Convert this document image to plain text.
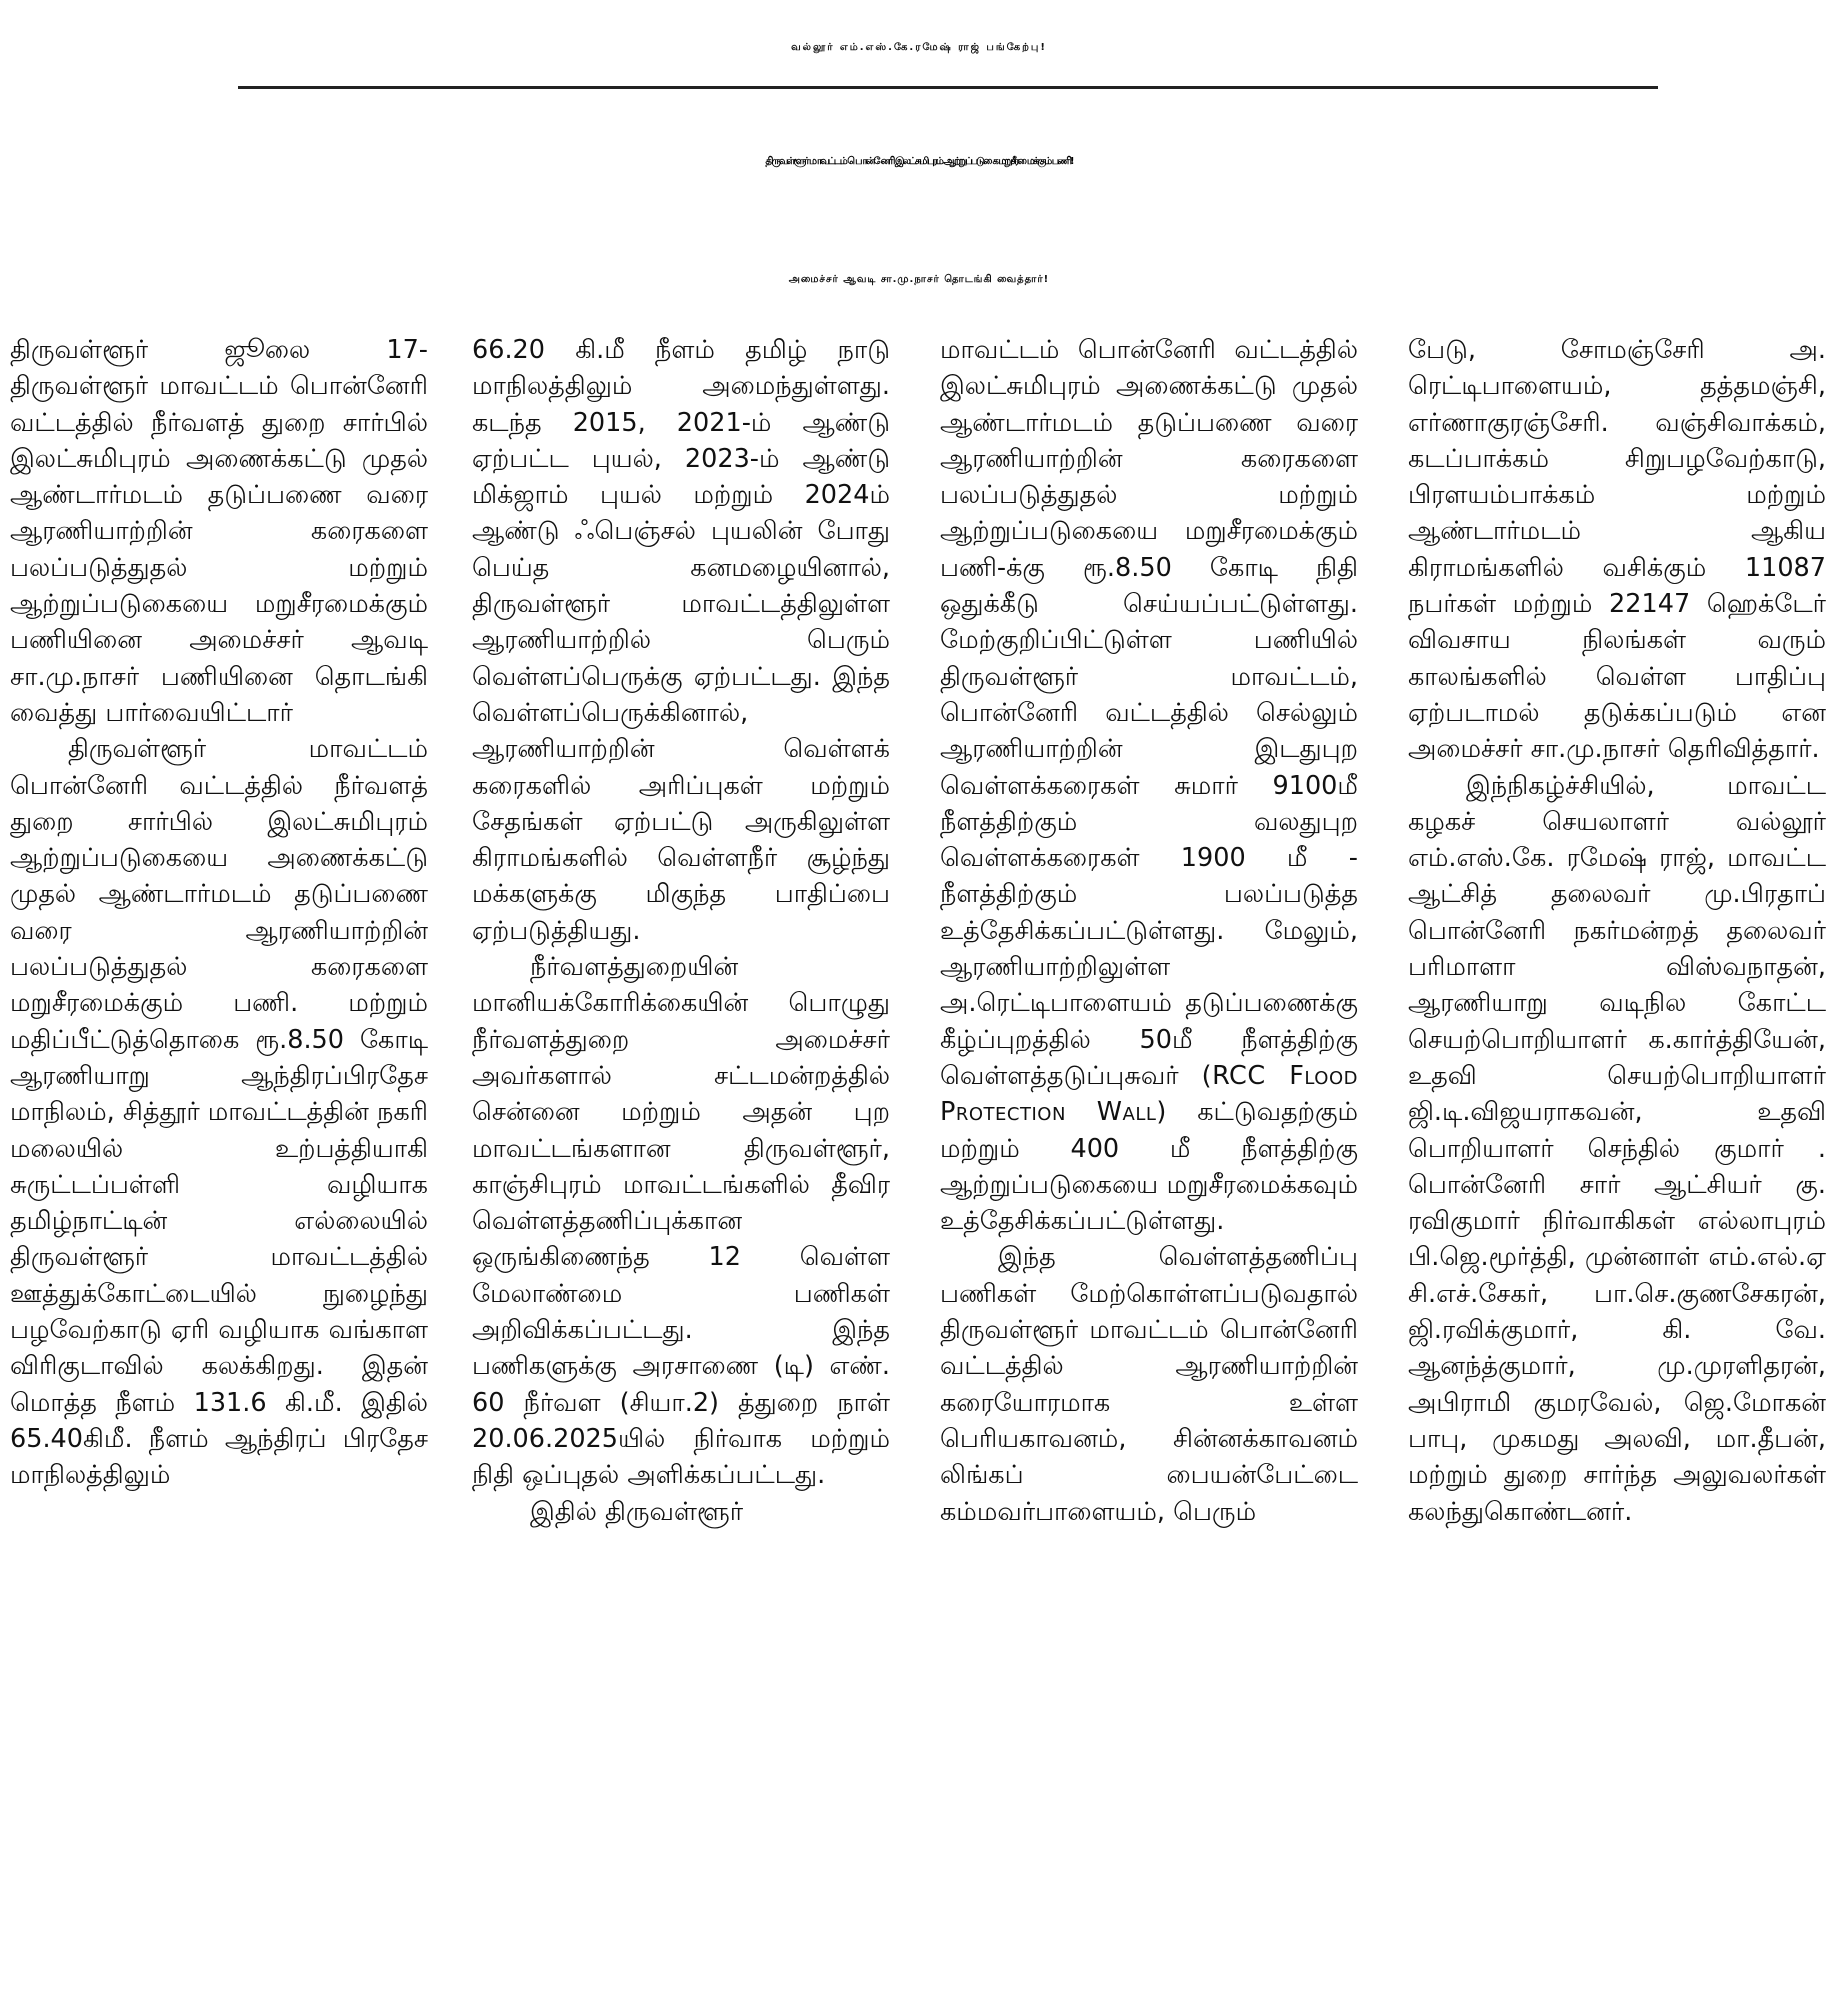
வல்லூர் எம்.எஸ்.கே.ரமேஷ் ராஜ் பங்கேற்பு!
திருவள்ளூர் மாவட்டம் பொன்னேரி இலட்சுமிபுரம் ஆற்றுப்படுகை மறுசீரமைக்கும் பணி!
அமைச்சர் ஆவடி சா.மு.நாசர் தொடங்கி வைத்தார்!

திருவள்ளூர் ஜூலை 17- திருவள்ளூர் மாவட்டம் பொன்னேரி வட்டத்தில் நீர்வளத் துறை சார்பில் இலட்சுமிபுரம் அணைக்கட்டு முதல் ஆண்டார்மடம் தடுப்பணை வரை ஆரணியாற்றின் கரைகளை பலப்படுத்துதல் மற்றும் ஆற்றுப்படுகையை மறுசீரமைக்கும் பணியினை அமைச்சர் ஆவடி சா.மு.நாசர் பணியினை தொடங்கி வைத்து பார்வையிட்டார்

திருவள்ளூர் மாவட்டம் பொன்னேரி வட்டத்தில் நீர்வளத் துறை சார்பில் இலட்சுமிபுரம் ஆற்றுப்படுகையை அணைக்கட்டு முதல் ஆண்டார்மடம் தடுப்பணை வரை ஆரணியாற்றின் பலப்படுத்துதல் கரைகளை மறுசீரமைக்கும் பணி. மற்றும் மதிப்பீட்டுத்தொகை ரூ.8.50 கோடி ஆரணியாறு ஆந்திரப்பிரதேச மாநிலம், சித்தூர் மாவட்டத்தின் நகரி மலையில் உற்பத்தியாகி சுருட்டப்பள்ளி வழியாக தமிழ்நாட்டின் எல்லையில் திருவள்ளூர் மாவட்டத்தில் ஊத்துக்கோட்டையில் நுழைந்து பழவேற்காடு ஏரி வழியாக வங்காள விரிகுடாவில் கலக்கிறது. இதன் மொத்த நீளம் 131.6 கி.மீ. இதில் 65.40கிமீ. நீளம் ஆந்திரப் பிரதேச மாநிலத்திலும்

66.20 கி.மீ நீளம் தமிழ் நாடு மாநிலத்திலும் அமைந்துள்ளது. கடந்த 2015, 2021-ம் ஆண்டு ஏற்பட்ட புயல், 2023-ம் ஆண்டு மிக்ஜாம் புயல் மற்றும் 2024ம் ஆண்டு ஃபெஞ்சல் புயலின் போது பெய்த கனமழையினால், திருவள்ளூர் மாவட்டத்திலுள்ள ஆரணியாற்றில் பெரும் வெள்ளப்பெருக்கு ஏற்பட்டது. இந்த வெள்ளப்பெருக்கினால், ஆரணியாற்றின் வெள்ளக் கரைகளில் அரிப்புகள் மற்றும் சேதங்கள் ஏற்பட்டு அருகிலுள்ள கிராமங்களில் வெள்ளநீர் சூழ்ந்து மக்களுக்கு மிகுந்த பாதிப்பை ஏற்படுத்தியது.

நீர்வளத்துறையின் மானியக்கோரிக்கையின் பொழுது நீர்வளத்துறை அமைச்சர் அவர்களால் சட்டமன்றத்தில் சென்னை மற்றும் அதன் புற மாவட்டங்களான திருவள்ளூர், காஞ்சிபுரம் மாவட்டங்களில் தீவிர வெள்ளத்தணிப்புக்கான ஒருங்கிணைந்த 12 வெள்ள மேலாண்மை பணிகள் அறிவிக்கப்பட்டது. இந்த பணிகளுக்கு அரசாணை (டி) எண். 60 நீர்வள (சியா.2) த்துறை நாள் 20.06.2025யில் நிர்வாக மற்றும் நிதி ஒப்புதல் அளிக்கப்பட்டது.

இதில் திருவள்ளூர்

மாவட்டம் பொன்னேரி வட்டத்தில் இலட்சுமிபுரம் அணைக்கட்டு முதல் ஆண்டார்மடம் தடுப்பணை வரை ஆரணியாற்றின் கரைகளை பலப்படுத்துதல் மற்றும் ஆற்றுப்படுகையை மறுசீரமைக்கும் பணி-க்கு ரூ.8.50 கோடி நிதி ஒதுக்கீடு செய்யப்பட்டுள்ளது. மேற்குறிப்பிட்டுள்ள பணியில் திருவள்ளூர் மாவட்டம், பொன்னேரி வட்டத்தில் செல்லும் ஆரணியாற்றின் இடதுபுற வெள்ளக்கரைகள் சுமார் 9100மீ நீளத்திற்கும் வலதுபுற வெள்ளக்கரைகள் 1900 மீ - நீளத்திற்கும் பலப்படுத்த உத்தேசிக்கப்பட்டுள்ளது. மேலும், ஆரணியாற்றிலுள்ள அ.ரெட்டிபாளையம் தடுப்பணைக்கு கீழ்ப்புறத்தில் 50மீ நீளத்திற்கு வெள்ளத்தடுப்புசுவர் (RCC Flood Protection Wall) கட்டுவதற்கும் மற்றும் 400 மீ நீளத்திற்கு ஆற்றுப்படுகையை மறுசீரமைக்கவும் உத்தேசிக்கப்பட்டுள்ளது.

இந்த வெள்ளத்தணிப்பு பணிகள் மேற்கொள்ளப்படுவதால் திருவள்ளூர் மாவட்டம் பொன்னேரி வட்டத்தில் ஆரணியாற்றின் கரையோரமாக உள்ள பெரியகாவனம், சின்னக்காவனம் லிங்கப் பையன்பேட்டை கம்மவர்பாளையம், பெரும்

பேடு, சோமஞ்சேரி அ. ரெட்டிபாளையம், தத்தமஞ்சி, எர்ணாகுரஞ்சேரி. வஞ்சிவாக்கம், கடப்பாக்கம் சிறுபழவேற்காடு, பிரளயம்பாக்கம் மற்றும் ஆண்டார்மடம் ஆகிய கிராமங்களில் வசிக்கும் 11087 நபர்கள் மற்றும் 22147 ஹெக்டேர் விவசாய நிலங்கள் வரும் காலங்களில் வெள்ள பாதிப்பு ஏற்படாமல் தடுக்கப்படும் என அமைச்சர் சா.மு.நாசர் தெரிவித்தார்.

இந்நிகழ்ச்சியில், மாவட்ட கழகச் செயலாளர் வல்லூர் எம்.எஸ்.கே. ரமேஷ் ராஜ், மாவட்ட ஆட்சித் தலைவர் மு.பிரதாப் பொன்னேரி நகர்மன்றத் தலைவர் பரிமாளா விஸ்வநாதன், ஆரணியாறு வடிநில கோட்ட செயற்பொறியாளர் க.கார்த்தியேன், உதவி செயற்பொறியாளர் ஜி.டி.விஜயராகவன், உதவி பொறியாளர் செந்தில் குமார் . பொன்னேரி சார் ஆட்சியர் கு. ரவிகுமார் நிர்வாகிகள் எல்லாபுரம் பி.ஜெ.மூர்த்தி, முன்னாள் எம்.எல்.ஏ சி.எச்.சேகர், பா.செ.குணசேகரன், ஜி.ரவிக்குமார், கி. வே. ஆனந்த்குமார், மு.முரளிதரன், அபிராமி குமரவேல், ஜெ.மோகன் பாபு, முகமது அலவி, மா.தீபன், மற்றும் துறை சார்ந்த அலுவலர்கள் கலந்துகொண்டனர்.
